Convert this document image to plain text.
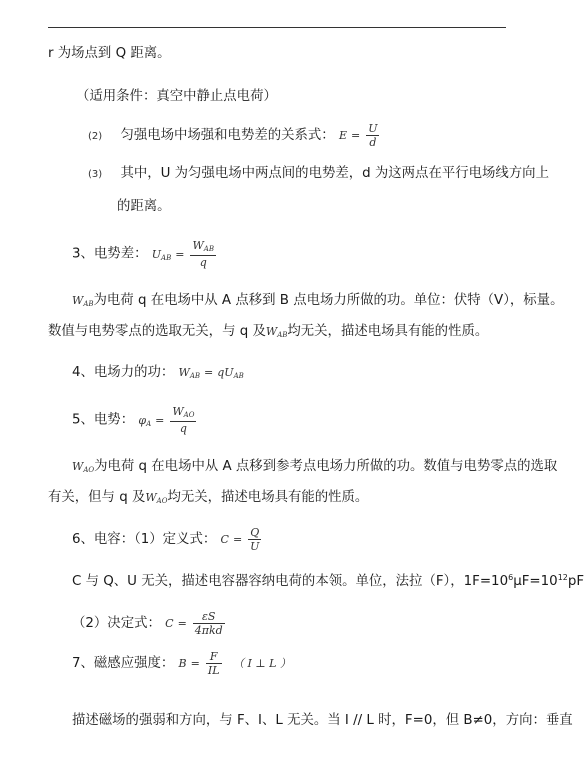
r 为场点到 Q 距离。
（适用条件：真空中静止点电荷）
(2) 匀强电场中场强和电势差的关系式： $E = \frac{U}{d}$
(3) 其中，U 为匀强电场中两点间的电势差，d 为这两点在平行电场线方向上
的距离。
3、电势差： $U_{AB} = \frac{W_{AB}}{q}$
$W_{AB}$为电荷 q 在电场中从 A 点移到 B 点电场力所做的功。单位：伏特（V），标量。
数值与电势零点的选取无关，与 q 及$W_{AB}$均无关，描述电场具有能的性质。
4、电场力的功： $W_{AB} = qU_{AB}$
5、电势： $\varphi_A = \frac{W_{AO}}{q}$
$W_{AO}$为电荷 q 在电场中从 A 点移到参考点电场力所做的功。数值与电势零点的选取
有关，但与 q 及$W_{AO}$均无关，描述电场具有能的性质。
6、电容：（1）定义式： $C = \frac{Q}{U}$
C 与 Q、U 无关，描述电容器容纳电荷的本领。单位，法拉（F），$1F=10^6\mu F=10^{12}pF$
（2）决定式： $C = \frac{\varepsilon S}{\text{4πkd}}$
7、磁感应强度： $B = \frac{F}{IL}$ （ I ⊥ L ）
描述磁场的强弱和方向，与 F、I、L 无关。当 I // L 时，F=0，但 B≠0，方向：垂直
